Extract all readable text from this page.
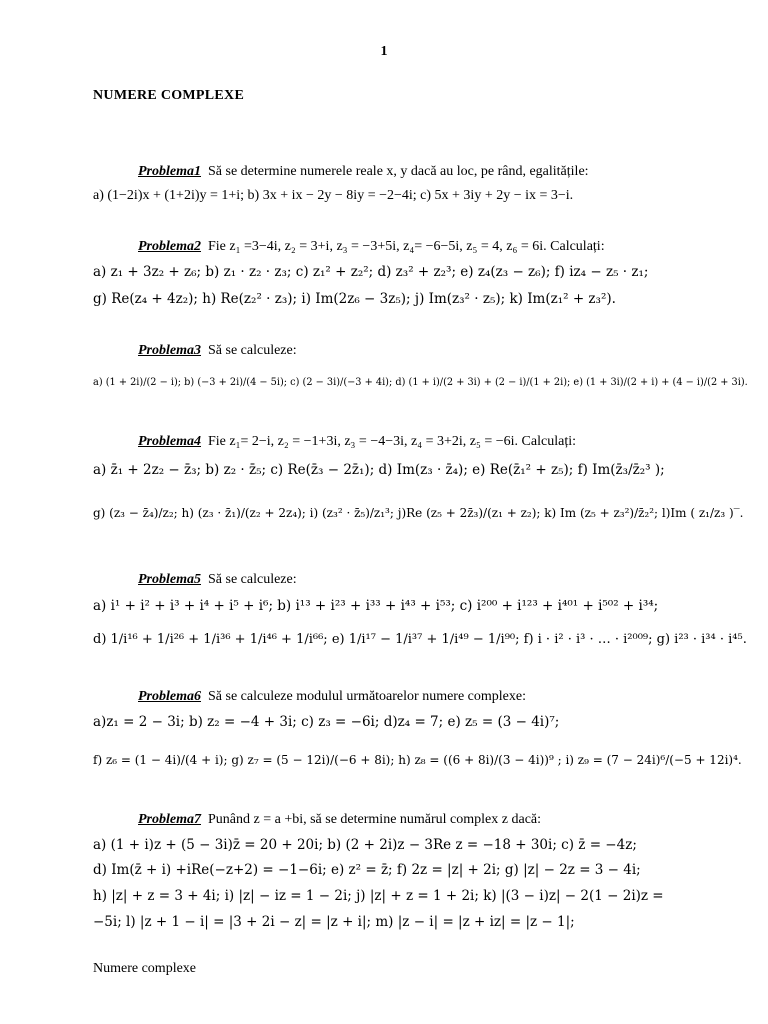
1
NUMERE COMPLEXE
Problema1 Să se determine numerele reale x, y dacă au loc, pe rând, egalitățile:
a) (1−2i)x + (1+2i)y = 1+i; b) 3x + ix − 2y − 8iy = −2−4i; c) 5x + 3iy + 2y − ix = 3−i.
Problema2 Fie z₁ =3−4i, z₂ = 3+i, z₃ = −3+5i, z₄= −6−5i, z₅ = 4, z₆ = 6i. Calculați:
a) z₁ + 3z₂ + z₆; b) z₁ · z₂ · z₃; c) z₁² + z₂²; d) z₃² + z₂³; e) z₄(z₃ − z₆); f) iz₄ − z₅ · z₁;
g) Re(z₄ + 4z₂); h) Re(z₂² · z₃); i) Im(2z₆ − 3z₅); j) Im(z₃² · z₅); k) Im(z₁² + z₃²).
Problema3 Să se calculeze:
a) (1 + 2i)/(2 − i); b) (−3 + 2i)/(4 − 5i); c) (2 − 3i)/(−3 + 4i); d) (1 + i)/(2 + 3i) + (2 − i)/(1 + 2i); e) (1 + 3i)/(2 + i) + (4 − i)/(2 + 3i).
Problema4 Fie z₁= 2−i, z₂ = −1+3i, z₃ = −4−3i, z₄ = 3+2i, z₅ = −6i. Calculați:
a) z̄₁ + 2z₂ − z̄₃; b) z₂ · z̄₅; c) Re(z̄₃ − 2z̄₁); d) Im(z₃ · z̄₄); e) Re(z̄₁² + z₅); f) Im(z̄₃/z̄₂³ );
g) (z₃ − z̄₄)/z₂; h) (z₃ · z̄₁)/(z₂ + 2z₄); i) (z₃² · z̄₅)/z₁³; j)Re (z₅ + 2z̄₃)/(z₁ + z₂); k) Im (z₅ + z₃²)/z̄₂²; l)Im ( z₁/z₃ )‾.
Problema5 Să se calculeze:
a) i¹ + i² + i³ + i⁴ + i⁵ + i⁶; b) i¹³ + i²³ + i³³ + i⁴³ + i⁵³; c) i²⁰⁰ + i¹²³ + i⁴⁰¹ + i⁵⁰² + i³⁴;
d) 1/i¹⁶ + 1/i²⁶ + 1/i³⁶ + 1/i⁴⁶ + 1/i⁶⁶; e) 1/i¹⁷ − 1/i³⁷ + 1/i⁴⁹ − 1/i⁹⁰; f) i · i² · i³ · … · i²⁰⁰⁹; g) i²³ · i³⁴ · i⁴⁵.
Problema6 Să se calculeze modulul următoarelor numere complexe:
a)z₁ = 2 − 3i; b) z₂ = −4 + 3i; c) z₃ = −6i; d)z₄ = 7; e) z₅ = (3 − 4i)⁷;
f) z₆ = (1 − 4i)/(4 + i); g) z₇ = (5 − 12i)/(−6 + 8i); h) z₈ = ((6 + 8i)/(3 − 4i))⁹ ; i) z₉ = (7 − 24i)⁶/(−5 + 12i)⁴.
Problema7 Punând z = a +bi, să se determine numărul complex z dacă:
a) (1 + i)z + (5 − 3i)z̄ = 20 + 20i; b) (2 + 2i)z − 3Re z = −18 + 30i; c) z̄ = −4z;
d) Im(z̄ + i) +iRe(−z+2) = −1−6i; e) z² = z̄; f) 2z = |z| + 2i; g) |z| − 2z = 3 − 4i;
h) |z| + z = 3 + 4i; i) |z| − iz = 1 − 2i; j) |z| + z = 1 + 2i; k) |(3 − i)z| − 2(1 − 2i)z =
−5i; l) |z + 1 − i| = |3 + 2i − z| = |z + i|; m) |z − i| = |z + iz| = |z − 1|;
Numere complexe
